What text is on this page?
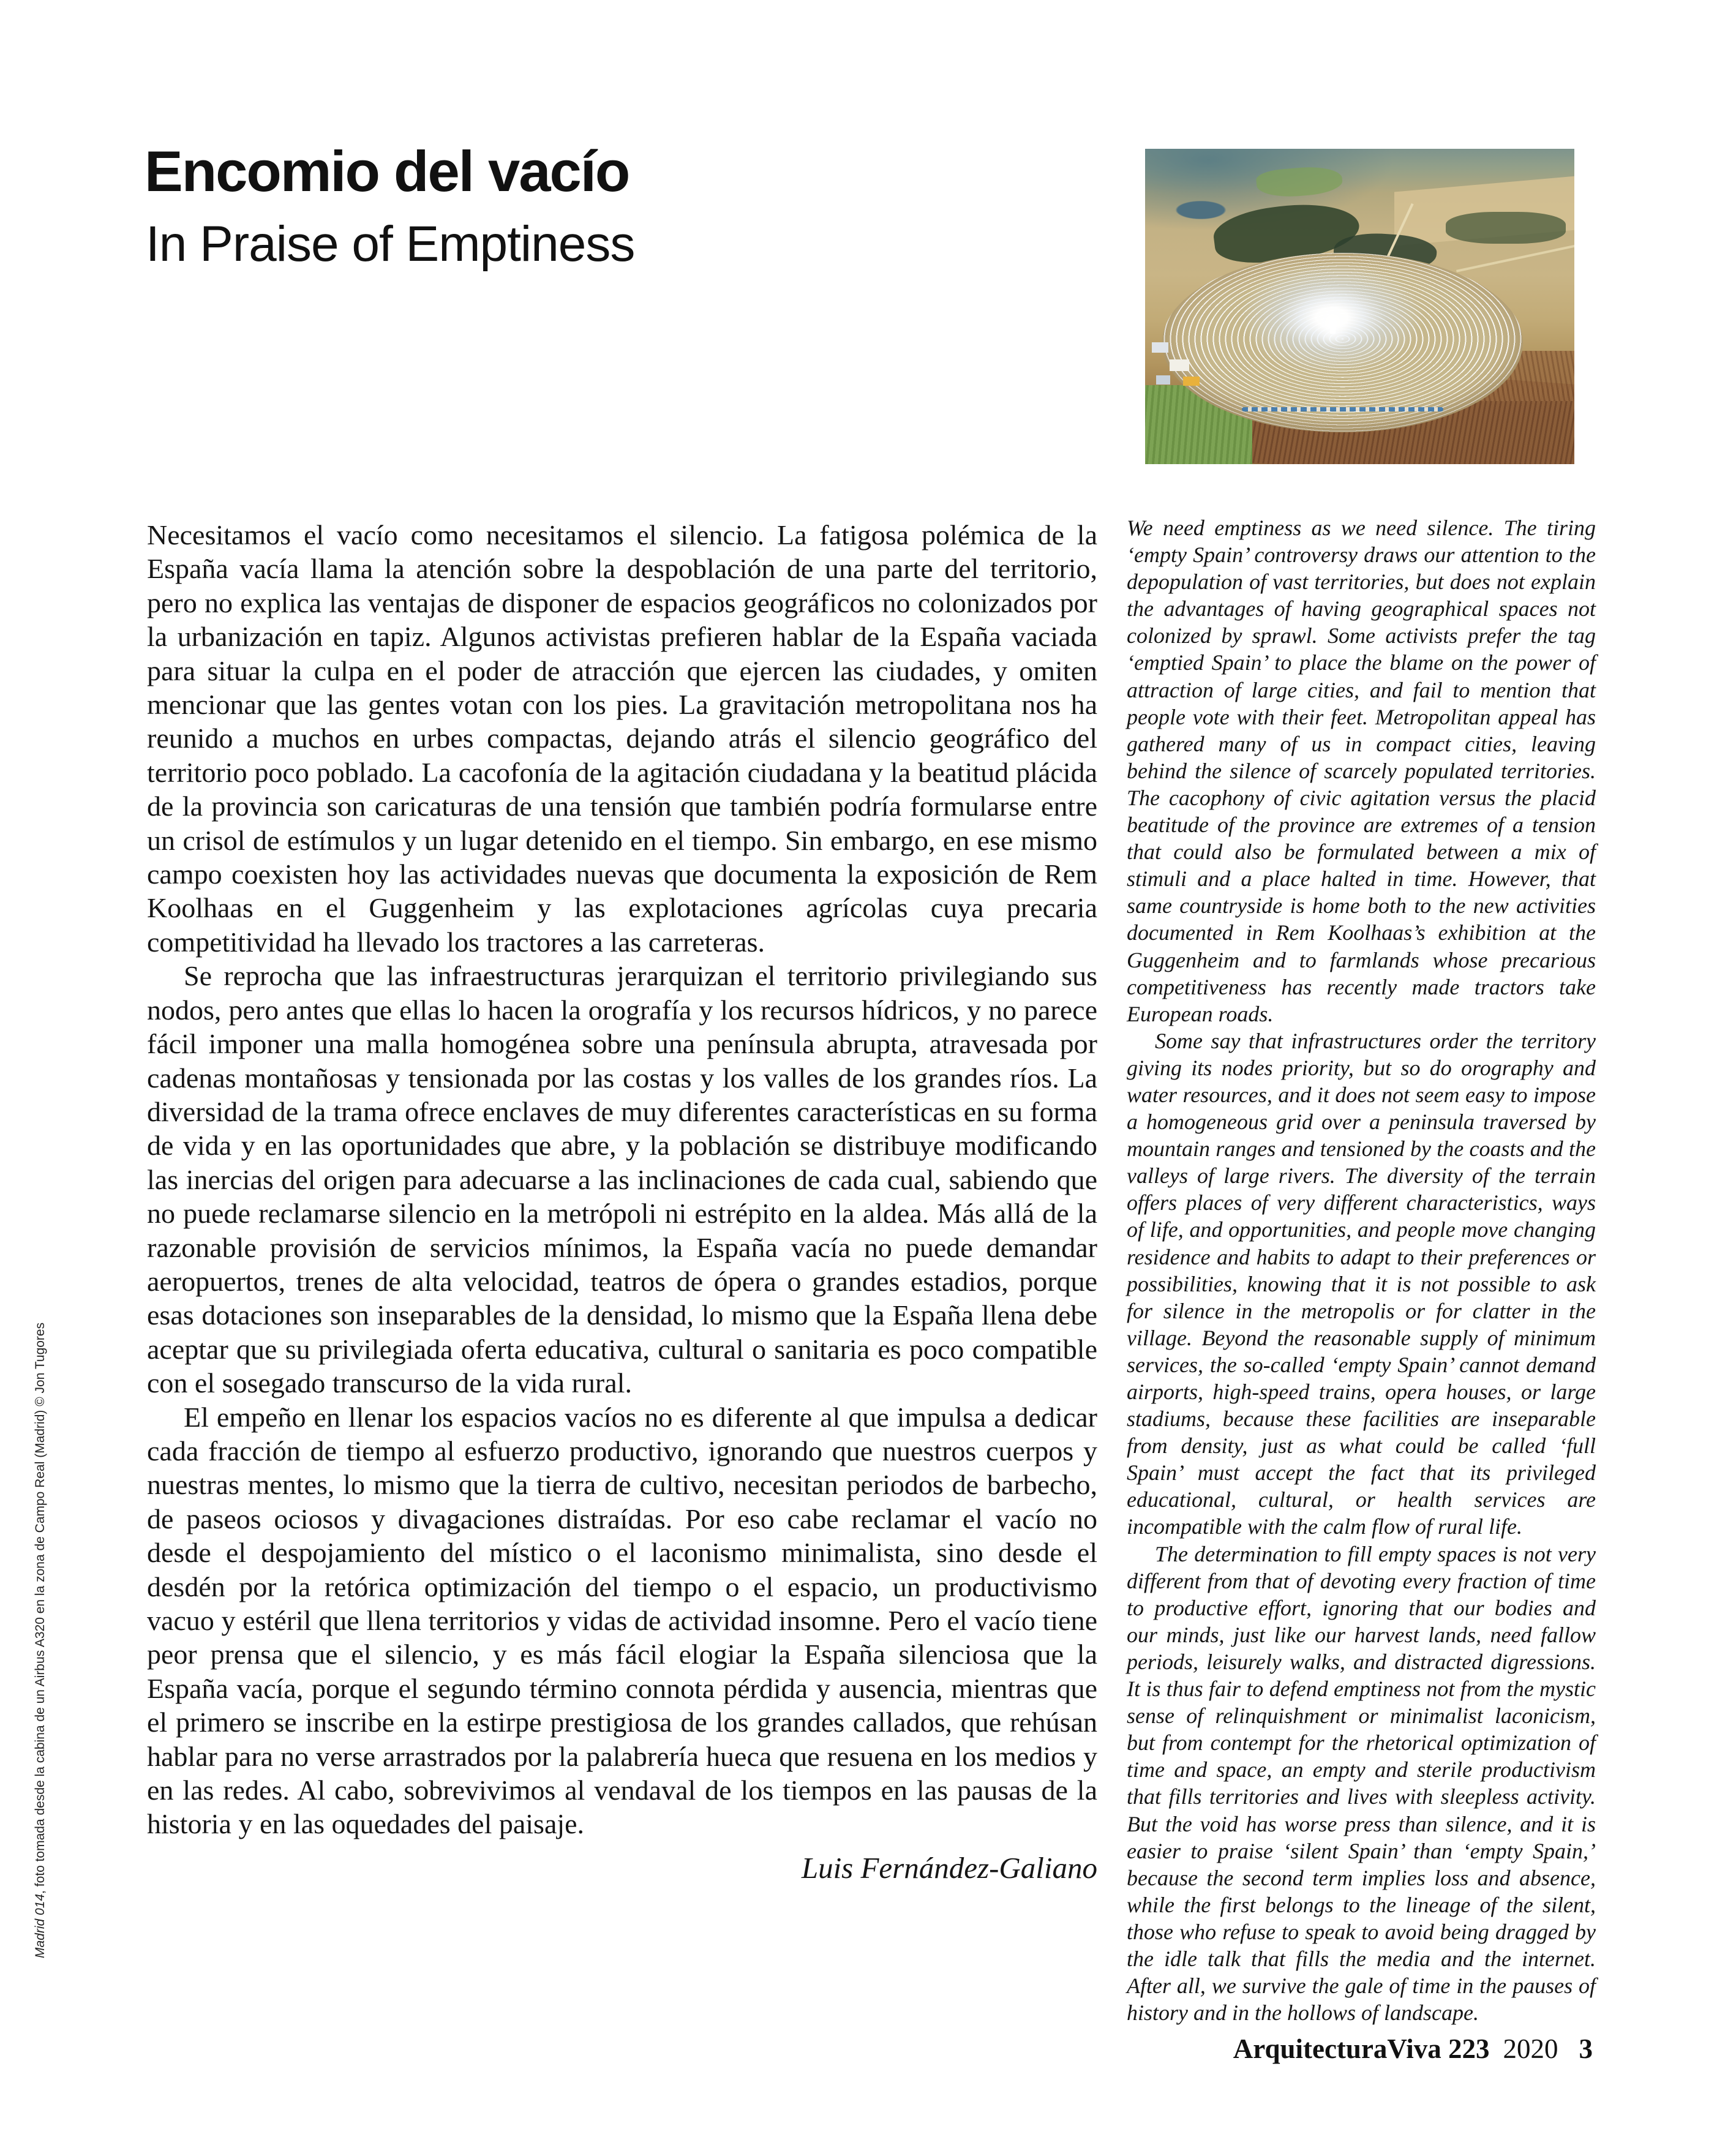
Encomio del vacío
In Praise of Emptiness
Madrid 014, foto tomada desde la cabina de un Airbus A320 en la zona de Campo Real (Madrid) © Jon Tugores

Necesitamos el vacío como necesitamos el silencio. La fatigosa polémica de la España vacía llama la atención sobre la despoblación de una parte del territorio, pero no explica las ventajas de disponer de espacios geográficos no colonizados por la urbanización en tapiz. Algunos activistas prefieren hablar de la España vaciada para situar la culpa en el poder de atracción que ejercen las ciudades, y omiten mencionar que las gentes votan con los pies. La gravitación metropolitana nos ha reunido a muchos en urbes compactas, dejando atrás el silencio geográfico del territorio poco poblado. La cacofonía de la agitación ciudadana y la beatitud plácida de la provincia son caricaturas de una tensión que también podría formularse entre un crisol de estímulos y un lugar detenido en el tiempo. Sin embargo, en ese mismo campo coexisten hoy las actividades nuevas que documenta la exposición de Rem Koolhaas en el Guggenheim y las explotaciones agrícolas cuya precaria competitividad ha llevado los tractores a las carreteras.

Se reprocha que las infraestructuras jerarquizan el territorio privilegiando sus nodos, pero antes que ellas lo hacen la orografía y los recursos hídricos, y no parece fácil imponer una malla homogénea sobre una península abrupta, atravesada por cadenas montañosas y tensionada por las costas y los valles de los grandes ríos. La diversidad de la trama ofrece enclaves de muy diferentes características en su forma de vida y en las oportunidades que abre, y la población se distribuye modificando las inercias del origen para adecuarse a las inclinaciones de cada cual, sabiendo que no puede reclamarse silencio en la metrópoli ni estrépito en la aldea. Más allá de la razonable provisión de servicios mínimos, la España vacía no puede demandar aeropuertos, trenes de alta velocidad, teatros de ópera o grandes estadios, porque esas dotaciones son inseparables de la densidad, lo mismo que la España llena debe aceptar que su privilegiada oferta educativa, cultural o sanitaria es poco compatible con el sosegado transcurso de la vida rural.

El empeño en llenar los espacios vacíos no es diferente al que impulsa a dedicar cada fracción de tiempo al esfuerzo productivo, ignorando que nuestros cuerpos y nuestras mentes, lo mismo que la tierra de cultivo, necesitan periodos de barbecho, de paseos ociosos y divagaciones distraídas. Por eso cabe reclamar el vacío no desde el despojamiento del místico o el laconismo minimalista, sino desde el desdén por la retórica optimización del tiempo o el espacio, un productivismo vacuo y estéril que llena territorios y vidas de actividad insomne. Pero el vacío tiene peor prensa que el silencio, y es más fácil elogiar la España silenciosa que la España vacía, porque el segundo término connota pérdida y ausencia, mientras que el primero se inscribe en la estirpe prestigiosa de los grandes callados, que rehúsan hablar para no verse arrastrados por la palabrería hueca que resuena en los medios y en las redes. Al cabo, sobrevivimos al vendaval de los tiempos en las pausas de la historia y en las oquedades del paisaje.

Luis Fernández-Galiano

We need emptiness as we need silence. The tiring ‘empty Spain’ controversy draws our attention to the depopulation of vast territories, but does not explain the advantages of having geographical spaces not colonized by sprawl. Some activists prefer the tag ‘emptied Spain’ to place the blame on the power of attraction of large cities, and fail to mention that people vote with their feet. Metropolitan appeal has gathered many of us in compact cities, leaving behind the silence of scarcely populated territories. The cacophony of civic agitation versus the placid beatitude of the province are extremes of a tension that could also be formulated between a mix of stimuli and a place halted in time. However, that same countryside is home both to the new activities documented in Rem Koolhaas’s exhibition at the Guggenheim and to farmlands whose precarious competitiveness has recently made tractors take European roads.

Some say that infrastructures order the territory giving its nodes priority, but so do orography and water resources, and it does not seem easy to impose a homogeneous grid over a peninsula traversed by mountain ranges and tensioned by the coasts and the valleys of large rivers. The diversity of the terrain offers places of very different characteristics, ways of life, and opportunities, and people move changing residence and habits to adapt to their preferences or possibilities, knowing that it is not possible to ask for silence in the metropolis or for clatter in the village. Beyond the reasonable supply of minimum services, the so-called ‘empty Spain’ cannot demand airports, high-speed trains, opera houses, or large stadiums, because these facilities are inseparable from density, just as what could be called ‘full Spain’ must accept the fact that its privileged educational, cultural, or health services are incompatible with the calm flow of rural life.

The determination to fill empty spaces is not very different from that of devoting every fraction of time to productive effort, ignoring that our bodies and our minds, just like our harvest lands, need fallow periods, leisurely walks, and distracted digressions. It is thus fair to defend emptiness not from the mystic sense of relinquishment or minimalist laconicism, but from contempt for the rhetorical optimization of time and space, an empty and sterile productivism that fills territories and lives with sleepless activity. But the void has worse press than silence, and it is easier to praise ‘silent Spain’ than ‘empty Spain,’ because the second term implies loss and absence, while the first belongs to the lineage of the silent, those who refuse to speak to avoid being dragged by the idle talk that fills the media and the internet. After all, we survive the gale of time in the pauses of history and in the hollows of landscape.

ArquitecturaViva 223 2020 3
